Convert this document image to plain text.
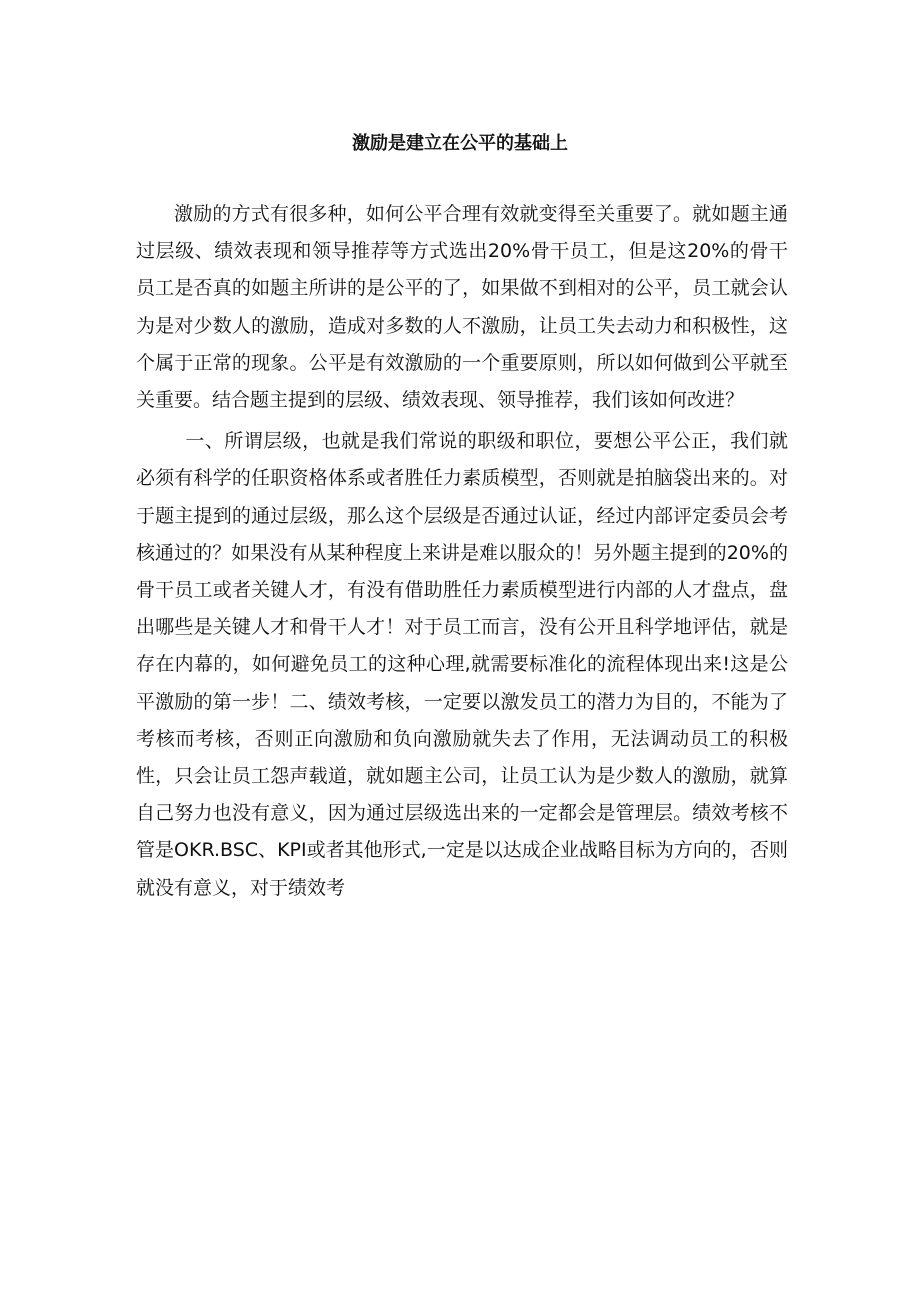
激励是建立在公平的基础上

激励的方式有很多种，如何公平合理有效就变得至关重要了。就如题主通过层级、绩效表现和领导推荐等方式选出20%骨干员工，但是这20%的骨干员工是否真的如题主所讲的是公平的了，如果做不到相对的公平，员工就会认为是对少数人的激励，造成对多数的人不激励，让员工失去动力和积极性，这个属于正常的现象。公平是有效激励的一个重要原则，所以如何做到公平就至关重要。结合题主提到的层级、绩效表现、领导推荐，我们该如何改进？

一、所谓层级，也就是我们常说的职级和职位，要想公平公正，我们就必须有科学的任职资格体系或者胜任力素质模型，否则就是拍脑袋出来的。对于题主提到的通过层级，那么这个层级是否通过认证，经过内部评定委员会考核通过的？如果没有从某种程度上来讲是难以服众的！另外题主提到的20%的骨干员工或者关键人才，有没有借助胜任力素质模型进行内部的人才盘点，盘出哪些是关键人才和骨干人才！对于员工而言，没有公开且科学地评估，就是存在内幕的，如何避免员工的这种心理,就需要标准化的流程体现出来!这是公平激励的第一步！二、绩效考核，一定要以激发员工的潜力为目的，不能为了考核而考核，否则正向激励和负向激励就失去了作用，无法调动员工的积极性，只会让员工怨声载道，就如题主公司，让员工认为是少数人的激励，就算自己努力也没有意义，因为通过层级选出来的一定都会是管理层。绩效考核不管是OKR.BSC、KPI或者其他形式,一定是以达成企业战略目标为方向的，否则就没有意义，对于绩效考
